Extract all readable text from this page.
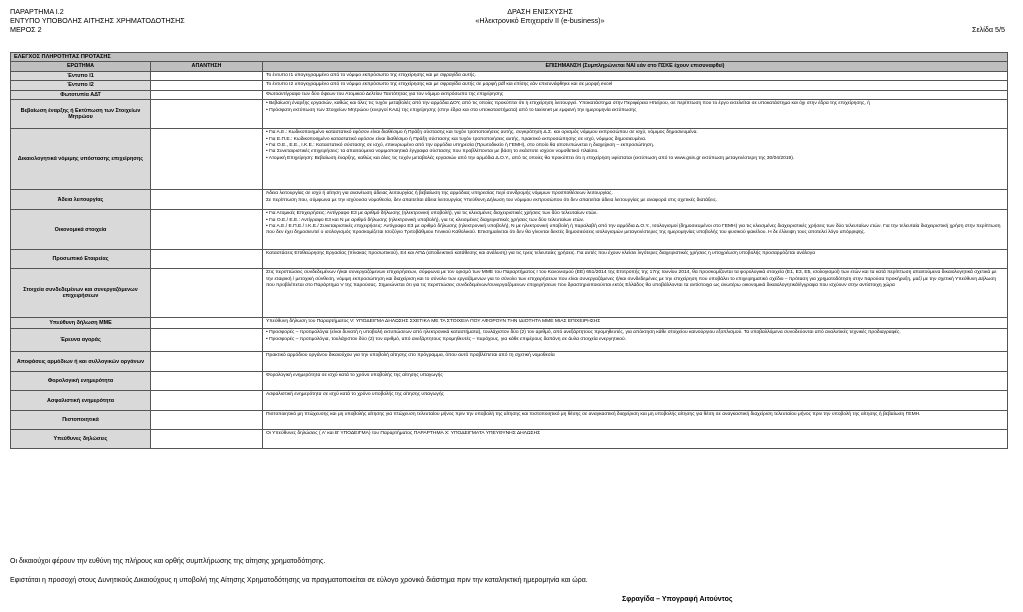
ΠΑΡΑΡΤΗΜΑ Ι.2
ΕΝΤΥΠΟ ΥΠΟΒΟΛΗΣ ΑΙΤΗΣΗΣ ΧΡΗΜΑΤΟΔΟΤΗΣΗΣ
ΜΕΡΟΣ 2
ΔΡΑΣΗ ΕΝΙΣΧΥΣΗΣ
«Ηλεκτρονικό Επιχειρείν ΙΙ (e-business)»
Σελίδα 5/5
ΕΛΕΓΧΟΣ ΠΛΗΡΟΤΗΤΑΣ ΠΡΟΤΑΣΗΣ		
ΕΡΩΤΗΜΑ	ΑΠΑΝΤΗΣΗ	ΕΠΙΣΗΜΑΝΣΗ (Συμπληρώνεται ΝΑΙ εάν στο ΠΣΚΕ έχουν επισυναφθεί)
Έντυπο Ι1		Το έντυπο Ι1 υπογεγραμμένο από το νόμιμο εκπρόσωπο της επιχείρησης και με σφραγίδα αυτής.

Έντυπο Ι2		Το έντυπο Ι2 υπογεγραμμένο από το νόμιμο εκπρόσωπο της επιχείρησης και με σφραγίδα αυτής σε μορφή pdf και επίσης εάν επισυνάφθηκε και σε μορφή excel

Φωτοτυπία ΑΔΤ		Φωτοαντίγραφο των δύο όψεων του Ατομικού Δελτίου Ταυτότητας για τον νόμιμο εκπρόσωπο της επιχείρησης

Βεβαίωση έναρξης ή Εκτύπωση των Στοιχείων Μητρώου		• Βεβαίωση έναρξης εργασιών, καθώς και όλες τις τυχόν μεταβολές από την αρμόδια ΔΟΥ, από τις οποίες προκύπτει ότι η επιχείρηση λειτουργεί. Υποκατάστημα στην Περιφέρεια Ηπείρου, σε περίπτωση που το έργο εκτελείται σε υποκατάστημα και όχι στην έδρα της επιχείρησης, ή
• Πρόσφατη εκτύπωση των Στοιχείων Μητρώου (ενεργοί ΚΑΔ) της επιχείρησης (στην έδρα και στα υποκαταστήματα) από το taxisnet με εμφανή την ημερομηνία εκτύπωσης

Δικαιολογητικά νόμιμης υπόστασης επιχείρησης		• Για Α.Ε.: Κωδικοποιημένο καταστατικό εφόσον είναι διαθέσιμο ή Πράξη σύστασης και τυχόν τροποποιήσεις αυτής, συγκρότηση Δ.Σ. και ορισμός νόμιμου εκπροσώπου σε ισχύ, νόμιμος δημοσιευμένα.
• Για Ε.Π.Ε.: Κωδικοποιημένο καταστατικό εφόσον είναι διαθέσιμο ή Πράξη σύστασης και τυχόν τροποποιήσεις αυτής, πρακτικό εκπροσώπησης σε ισχύ, νόμιμος δημοσιευμένα.
• Για Ο.Ε., Ε.Ε., Ι.Κ.Ε.: Καταστατικό σύστασης σε ισχύ, επικυρωμένο από την αρμόδια υπηρεσία (Πρωτοδικείο ή ΓΕΜΗ), στο οποίο θα αποτυπώνεται η διαχείριση – εκπροσώπηση.
• Για Συνεταιριστικές επιχειρήσεις: τα απαιτούμενα νομιμοποιητικά έγγραφα σύστασης που προβλέπονται με βάση το εκάστοτε ισχύον νομοθετικό πλαίσιο.
• Ατομική Επιχείρηση: Βεβαίωση έναρξης, καθώς και όλες τις τυχόν μεταβολές εργασιών από την αρμόδια Δ.Ο.Υ., από τις οποίες θα προκύπτει ότι η επιχείρηση υφίσταται (εκτύπωση από το www.gsis.gr εκτύπωση μεταγενέστερη της 30/04/2019).

Άδεια λειτουργίας		Άδεια λειτουργίας σε ισχύ ή αίτηση για ανανέωση άδειας λειτουργίας ή βεβαίωση της αρμόδιας υπηρεσίας περί συνδρομής νόμιμων προϋποθέσεων λειτουργίας.
Σε περίπτωση που, σύμφωνα με την ισχύουσα νομοθεσία, δεν απαιτείται άδεια λειτουργίας Υπεύθυνη Δήλωση του νόμιμου εκπροσώπου ότι δεν απαιτείται άδεια λειτουργίας με αναφορά στις σχετικές διατάξεις.

Οικονομικά στοιχεία		• Για Ατομικές Επιχειρήσεις: Αντίγραφο Ε3 με αριθμό δήλωσης (ηλεκτρονική υποβολή), για τις κλεισμένες διαχειριστικές χρήσεις των δύο τελευταίων ετών.
• Για Ο.Ε./ Ε.Ε.: Αντίγραφο Ε3 και Ν με αριθμό δήλωσης (ηλεκτρονική υποβολή), για τις κλεισμένες διαχειριστικές χρήσεις των δύο τελευταίων ετών.
• Για Α.Ε./ Ε.Π.Ε./ Ι.Κ.Ε./ Συνεταιριστικές επιχειρήσεις: Αντίγραφο Ε3 με αριθμό δήλωσης (ηλεκτρονική υποβολή), Ν με ηλεκτρονική υποβολή ή παραλαβή από την αρμόδια Δ.Ο.Υ., Ισολογισμοί (δημοσιευμένοι στο ΓΕΜΗ) για τις κλεισμένες διαχειριστικές χρήσεις των δύο τελευταίων ετών. Για την τελευταία διαχειριστική χρήση στην περίπτωση που δεν έχει δημοσιευτεί ο ισολογισμός προσκομίζεται Ισοζύγιο Τριτοβάθμιου Γενικού Καθολικού. Επισημαίνεται ότι δεν θα γίνονται δεκτές δημοσιεύσεις ισολογισμών μεταγενέστερες της ημερομηνίας υποβολής του φυσικού φακέλου. Η δε έλλειψη τους αποτελεί λόγο απόρριψης.

Προσωπικό Εταιρείας		Καταστάσεις Επιθεώρησης Εργασίας (πίνακας προσωπικού), Ε4 και ΑΠΔ (αποδεικτικό κατάθεσης και ανάλυση) για τις τρεις τελευταίες χρήσεις. Για αυτές που έχουν κλείσει λιγότερες διαχειριστικές χρήσεις η υποχρέωση υποβολής προσαρμόζεται ανάλογα

Στοιχεία συνδεδεμένων και συνεργαζόμενων επιχειρήσεων		Στις περιπτώσεις συνδεδεμένων ή/και συνεργαζόμενων επιχειρήσεων, σύμφωνα με τον ορισμό των ΜΜΕ του Παραρτήματος Ι του Κανονισμού (ΕΕ) 651/2014 της Επιτροπής της 17ης Ιουνίου 2014, θα προσκομίζονται τα φορολογικά στοιχεία (Ε1, Ε3, Ε5, ισολογισμοί) των ετών και τα κατά περίπτωση απαιτούμενα δικαιολογητικά σχετικά με την εταιρική / μετοχική σύνθεση, νόμιμη εκπροσώπηση και διαχείριση και το σύνολο των εργαζόμενων για το σύνολο των επιχειρήσεων που είναι συνεργαζόμενες ή/και συνδεδεμένες με την επιχείρηση που υποβάλει το επιχειρηματικό σχέδιο – πρόταση για χρηματοδότηση στην παρούσα προκήρυξη, μαζί με την σχετική Υπεύθυνη Δήλωση που προβλέπεται στο Παράρτημα V της παρούσας. Σημειώνεται ότι για τις περιπτώσεις συνδεδεμένων/συνεργαζόμενων επιχειρήσεων που δραστηριοποιούνται εκτός Ελλάδος θα υποβάλλονται τα αντίστοιχα ως ανωτέρω οικονομικά δικαιολογητικά/έγγραφα που ισχύουν στην αντίστοιχη χώρα

Υπεύθυνη δήλωση ΜΜΕ		Υπεύθυνη δήλωση του Παραρτήματος V: ΥΠΟΔΕΙΓΜΑ ΔΗΛΩΣΗΣ ΣΧΕΤΙΚΑ ΜΕ ΤΑ ΣΤΟΙΧΕΙΑ ΠΟΥ ΑΦΟΡΟΥΝ ΤΗΝ ΙΔΙΟΤΗΤΑ ΜΜΕ ΜΙΑΣ ΕΠΙΧΕΙΡΗΣΗΣ

Έρευνα αγοράς		• Προσφορές – προτιμολόγια (είναι δυνατή η υποβολή εκτυπώσεων από ηλεκτρονικά καταστήματα), τουλάχιστον δύο (2) τον αριθμό, από ανεξάρτητους προμηθευτές, για απόκτηση κάθε στοιχείου καινούργιου εξοπλισμού. Τα υποβαλλόμενα συνοδεύονται από αναλυτικές τεχνικές προδιαγραφές.
• Προσφορές – προτιμολόγια, τουλάχιστον δύο (2) τον αριθμό, από ανεξάρτητους προμηθευτές – παρόχους, για κάθε επιμέρους δαπάνη σε άυλα στοιχεία ενεργητικού.

Αποφάσεις αρμόδιων ή και συλλογικών οργάνων		Πρακτικό αρμόδιου οργάνου δικαιούχου για την υποβολή αίτησης στο πρόγραμμα, όπου αυτό προβλέπεται από τη σχετική νομοθεσία

Φορολογική ενημερότητα		Φορολογική ενημερότητα σε ισχύ κατά το χρόνο υποβολής της αίτησης υπαγωγής

Ασφαλιστική ενημερότητα		Ασφαλιστική ενημερότητα σε ισχύ κατά το χρόνο υποβολής της αίτησης υπαγωγής

Πιστοποιητικά		Πιστοποιητικό μη πτώχευσης και μη υποβολής αίτησης για πτώχευση τελευταίου μήνος πριν την υποβολή της αίτησης και πιστοποιητικό μη θέσης σε αναγκαστική διαχείριση και μη υποβολής αίτησης για θέση σε αναγκαστική διαχείριση τελευταίου μήνος πριν την υποβολή της αίτησης ή βεβαίωση ΓΕΜΗ.

Υπεύθυνες δηλώσεις		Οι Υπεύθυνες δηλώσεις ( Α' και Β' ΥΠΟΔΕΙΓΜΑ) του Παραρτήματος ΠΑΡΑΡΤΗΜΑ Χ: ΥΠΟΔΕΙΓΜΑΤΑ ΥΠΕΥΘΥΝΗΣ ΔΗΛΩΣΗΣ
Οι δικαιούχοι φέρουν την ευθύνη της πλήρους και ορθής συμπλήρωσης της αίτησης χρηματοδότησης.
Εφιστάται η προσοχή στους Δυνητικούς Δικαιούχους η υποβολή της Αίτησης Χρηματοδότησης να πραγματοποιείται σε εύλογο χρονικό διάστημα πριν την καταληκτική ημερομηνία και ώρα.
Σφραγίδα – Υπογραφή Αιτούντος
